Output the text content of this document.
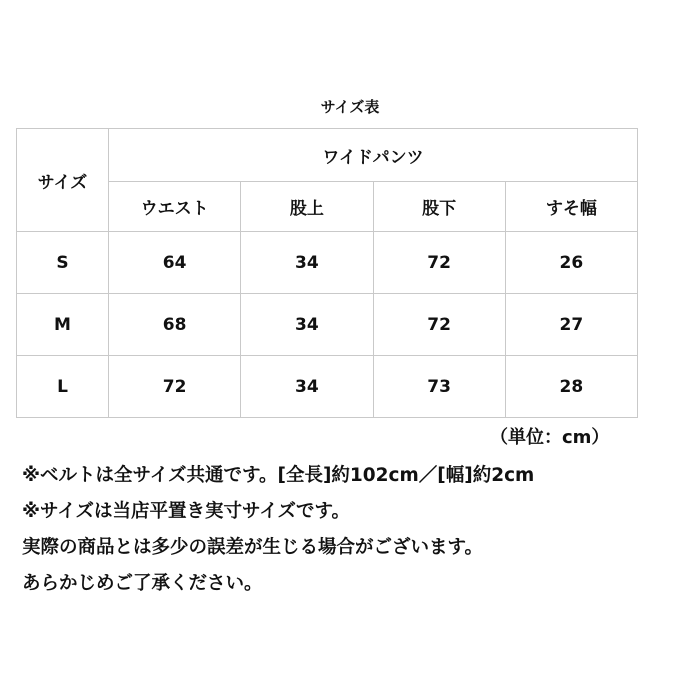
サイズ表
サイズ	ワイドパンツ			
	ウエスト	股上	股下	すそ幅
S	64	34	72	26
M	68	34	72	27
L	72	34	73	28
（単位：cm）
※ベルトは全サイズ共通です。[全長]約102cm／[幅]約2cm
※サイズは当店平置き実寸サイズです。
実際の商品とは多少の誤差が生じる場合がございます。
あらかじめご了承ください。
